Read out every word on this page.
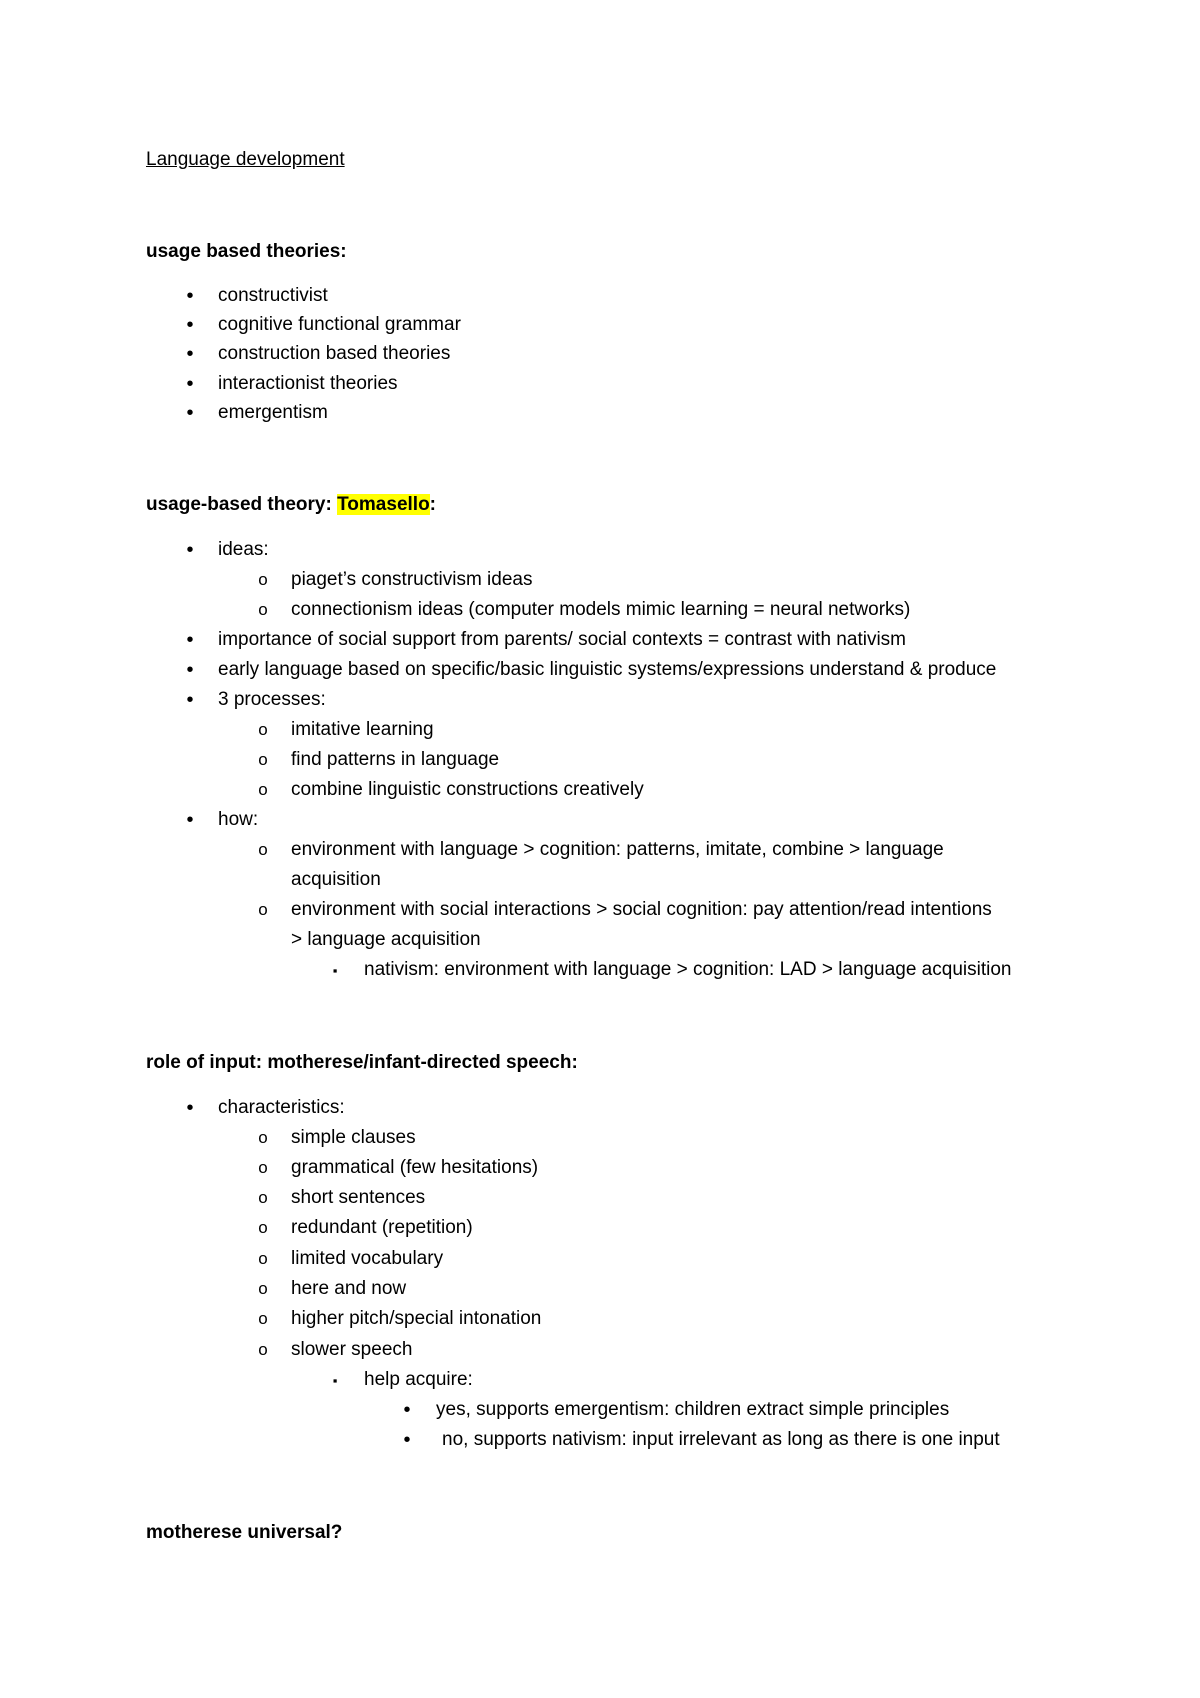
Language development
usage based theories:
•
constructivist
•
cognitive functional grammar
•
construction based theories
•
interactionist theories
•
emergentism
usage-based theory: Tomasello:
•
ideas:
o
piaget’s constructivism ideas
o
connectionism ideas (computer models mimic learning = neural networks)
•
importance of social support from parents/ social contexts = contrast with nativism
•
early language based on specific/basic linguistic systems/expressions understand & produce
•
3 processes:
o
imitative learning
o
find patterns in language
o
combine linguistic constructions creatively
•
how:
o
environment with language > cognition: patterns, imitate, combine > language
acquisition
o
environment with social interactions > social cognition: pay attention/read intentions
> language acquisition
▪
nativism: environment with language > cognition: LAD > language acquisition
role of input: motherese/infant-directed speech:
•
characteristics:
o
simple clauses
o
grammatical (few hesitations)
o
short sentences
o
redundant (repetition)
o
limited vocabulary
o
here and now
o
higher pitch/special intonation
o
slower speech
▪
help acquire:
•
yes, supports emergentism: children extract simple principles
•
no, supports nativism: input irrelevant as long as there is one input
motherese universal?
